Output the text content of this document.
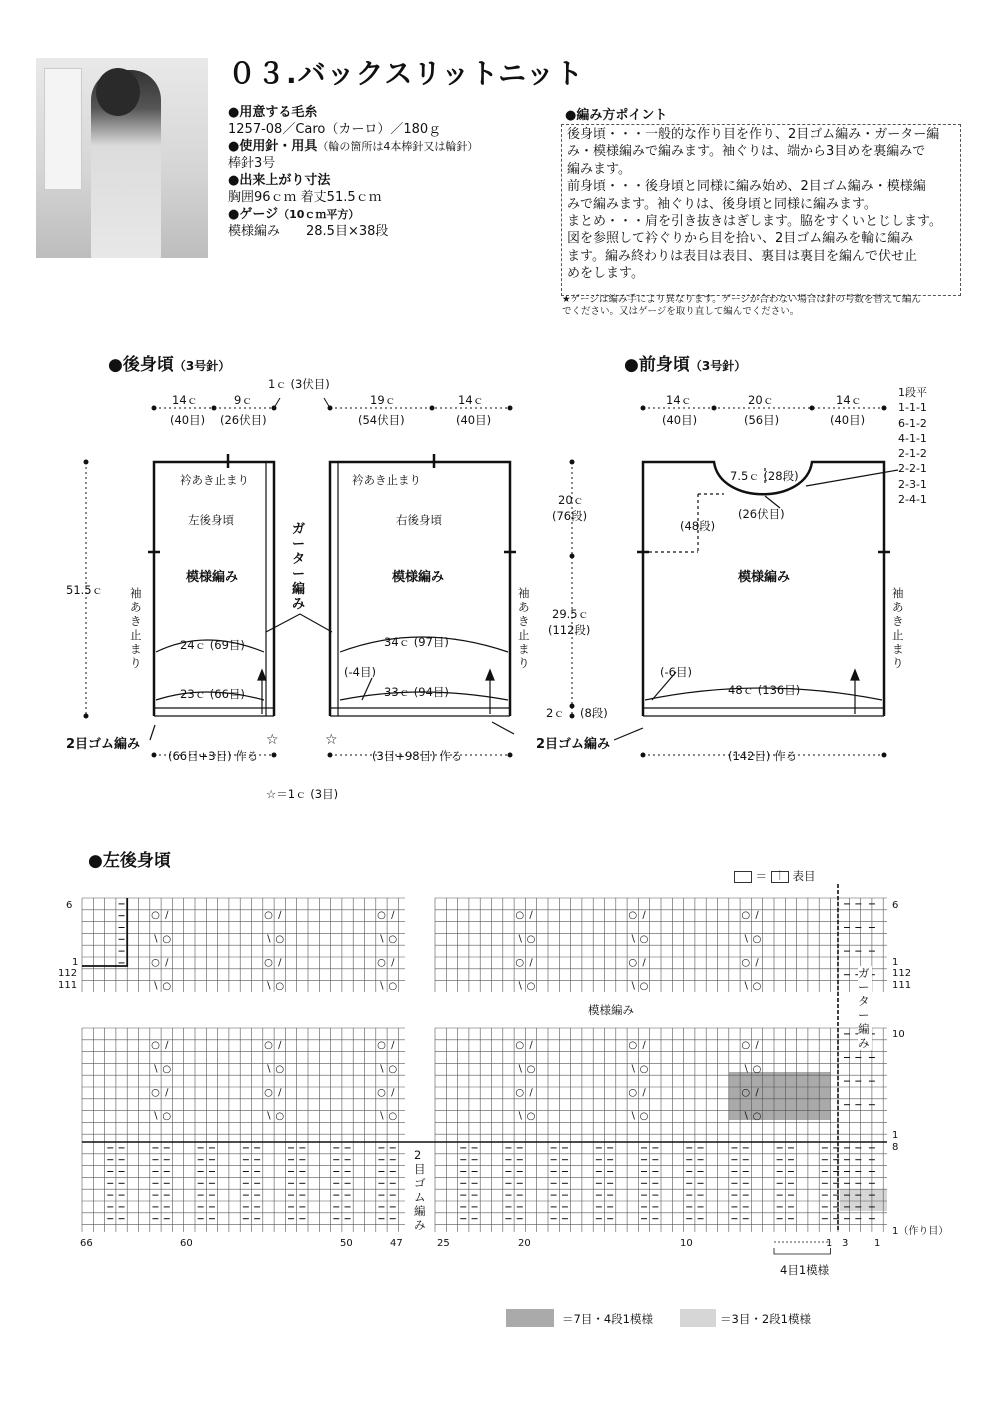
０３.バックスリットニット
●用意する毛糸
1257-08／Caro（カーロ）／180ｇ
●使用針・用具（輪の箇所は4本棒針又は輪針）
棒針3号
●出来上がり寸法
胸囲96ｃｍ 着丈51.5ｃｍ
●ゲージ（10ｃｍ平方）
模様編み　　28.5目×38段
●編み方ポイント
後身頃・・・一般的な作り目を作り、2目ゴム編み・ガーター編
み・模様編みで編みます。袖ぐりは、端から3目めを裏編みで
編みます。
前身頃・・・後身頃と同様に編み始め、2目ゴム編み・模様編
みで編みます。袖ぐりは、後身頃と同様に編みます。
まとめ・・・肩を引き抜きはぎします。脇をすくいとじします。
図を参照して衿ぐりから目を拾い、2目ゴム編みを輪に編み
ます。編み終わりは表目は表目、裏目は裏目を編んで伏せ止
めをします。
★ゲージは編み手により異なります。ゲージが合わない場合は針の号数を替えて編ん
でください。又はゲージを取り直して編んでください。
●後身頃（3号針）
14ｃ
(40目)
9ｃ
(26伏目)
1ｃ (3伏目)
19ｃ
(54伏目)
14ｃ
(40目)
51.5ｃ
衿あき止まり	衿あき止まり
左後身頃	右後身頃
模様編み	模様編み
ガーター編み
袖あき止まり
袖あき止まり
24ｃ (69目)	34ｃ (97目)
23ｃ (66目)	33ｃ (94目)
(-4目)
2目ゴム編み	2目ゴム編み
(66目+3目) 作る	(3目+98目) 作る
☆	☆
☆＝1ｃ (3目)
20ｃ
(76段)
29.5ｃ
(112段)
2ｃ (8段)
●前身頃（3号針）
14ｃ
(40目)
20ｃ
(56目)
14ｃ
(40目)
1段平
1-1-1
6-1-2
4-1-1
2-1-2
2-2-1
2-3-1
2-4-1
7.5ｃ (28段)
(26伏目)
(48段)
模様編み
袖あき止まり
(-6目)
48ｃ (136目)
(142目) 作る
●左後身頃
＝ ｜ 表目
○ ∕	○ ∕	○ ∕	○ ∕	○ ∕	○ ∕
∖ ○	∖ ○	∖ ○	∖ ○	∖ ○	∖ ○
○ ∕	○ ∕	○ ∕	○ ∕	○ ∕	○ ∕
∖ ○	∖ ○	∖ ○	∖ ○	∖ ○	∖ ○
○ ∕	○ ∕	○ ∕	○ ∕	○ ∕	○ ∕
∖ ○	∖ ○	∖ ○	∖ ○	∖ ○	∖ ○
○ ∕	○ ∕	○ ∕	○ ∕	○ ∕	○ ∕
∖ ○	∖ ○	∖ ○	∖ ○	∖ ○	∖ ○
模様編み
ガーター編み
2目ゴム編み
6
1
112
111
6
1
112
111
10
1
8
1（作り目）
66	60	50	47	25	20	10	1 3	1
4目1模様
＝7目・4段1模様	＝3目・2段1模様
